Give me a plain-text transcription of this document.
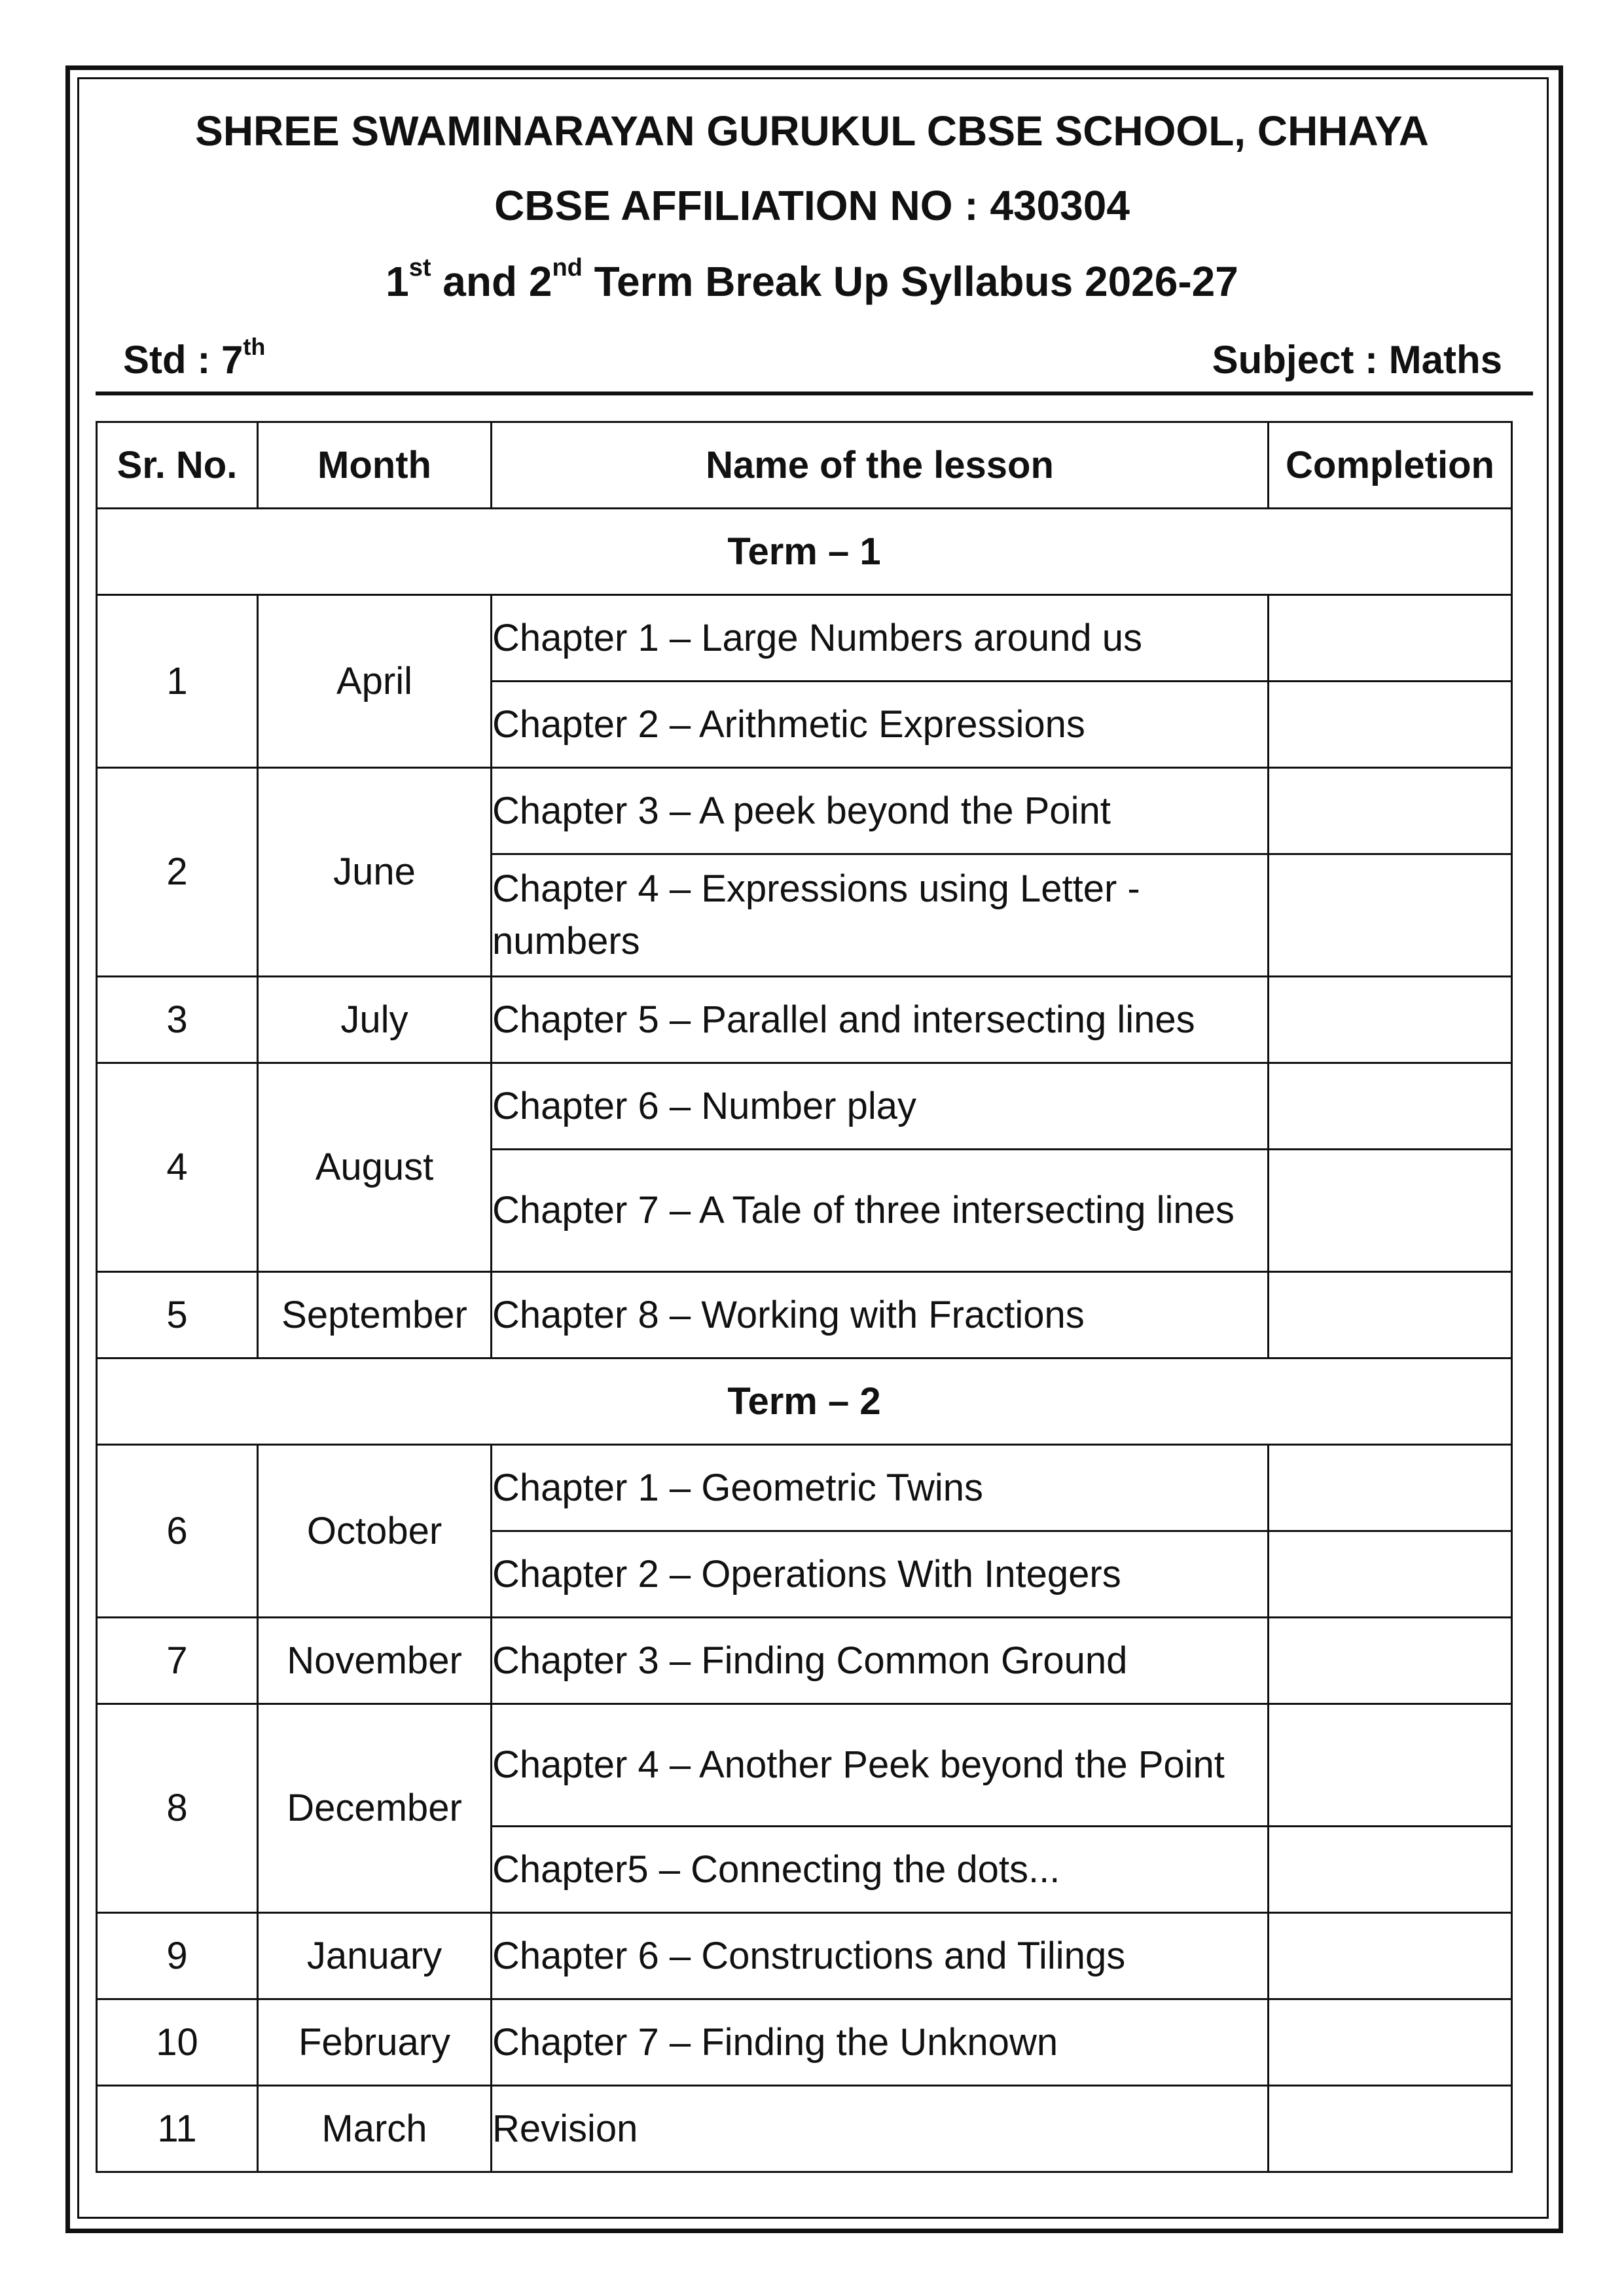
SHREE SWAMINARAYAN GURUKUL CBSE SCHOOL, CHHAYA
CBSE AFFILIATION NO : 430304
1st and 2nd Term Break Up Syllabus 2026-27
Std : 7th	Subject : Maths
Sr. No.	Month	Name of the lesson	Completion
Term – 1			
1	April	Chapter 1 – Large Numbers around us	
		Chapter 2 – Arithmetic Expressions	
2	June	Chapter 3 – A peek beyond the Point	
		Chapter 4 – Expressions using Letter - numbers	
3	July	Chapter 5 – Parallel and intersecting lines	
4	August	Chapter 6 – Number play	
		Chapter 7 – A Tale of three intersecting lines	
5	September	Chapter 8 – Working with Fractions	
Term – 2			
6	October	Chapter 1 – Geometric Twins	
		Chapter 2 – Operations With Integers	
7	November	Chapter 3 – Finding Common Ground	
8	December	Chapter 4 – Another Peek beyond the Point	
		Chapter5 – Connecting the dots...	
9	January	Chapter 6 – Constructions and Tilings	
10	February	Chapter 7 – Finding the Unknown	
11	March	Revision	
